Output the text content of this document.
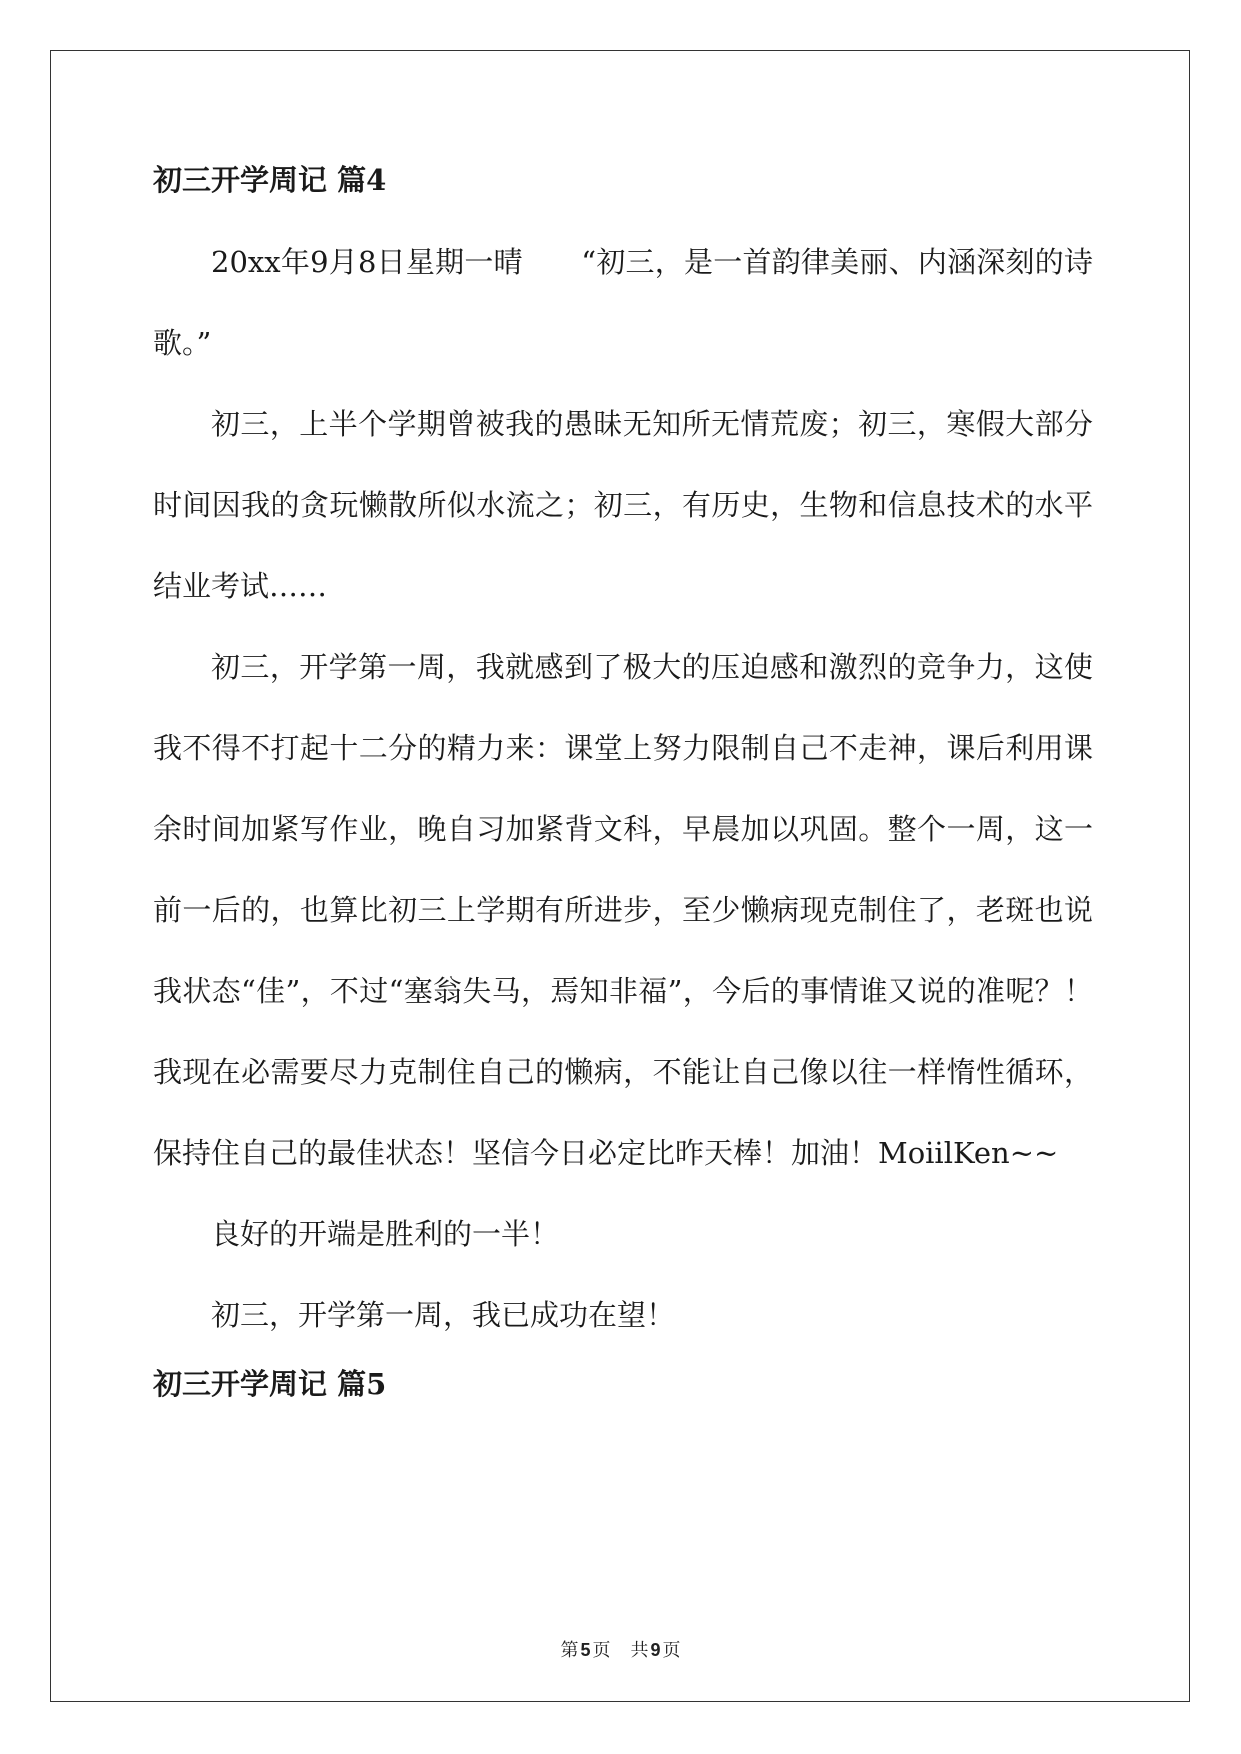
初三开学周记 篇4

20xx年9月8日星期一晴　　“初三，是一首韵律美丽、内涵深刻的诗歌。”

初三，上半个学期曾被我的愚昧无知所无情荒废；初三，寒假大部分时间因我的贪玩懒散所似水流之；初三，有历史，生物和信息技术的水平结业考试……

初三，开学第一周，我就感到了极大的压迫感和激烈的竞争力，这使我不得不打起十二分的精力来：课堂上努力限制自己不走神，课后利用课余时间加紧写作业，晚自习加紧背文科，早晨加以巩固。整个一周，这一前一后的，也算比初三上学期有所进步，至少懒病现克制住了，老斑也说我状态“佳”，不过“塞翁失马，焉知非福”，今后的事情谁又说的准呢？！我现在必需要尽力克制住自己的懒病，不能让自己像以往一样惰性循环，保持住自己的最佳状态！坚信今日必定比昨天棒！加油！MoiilKen~~

良好的开端是胜利的一半！

初三，开学第一周，我已成功在望！

初三开学周记 篇5
第 5 页 共 9 页
